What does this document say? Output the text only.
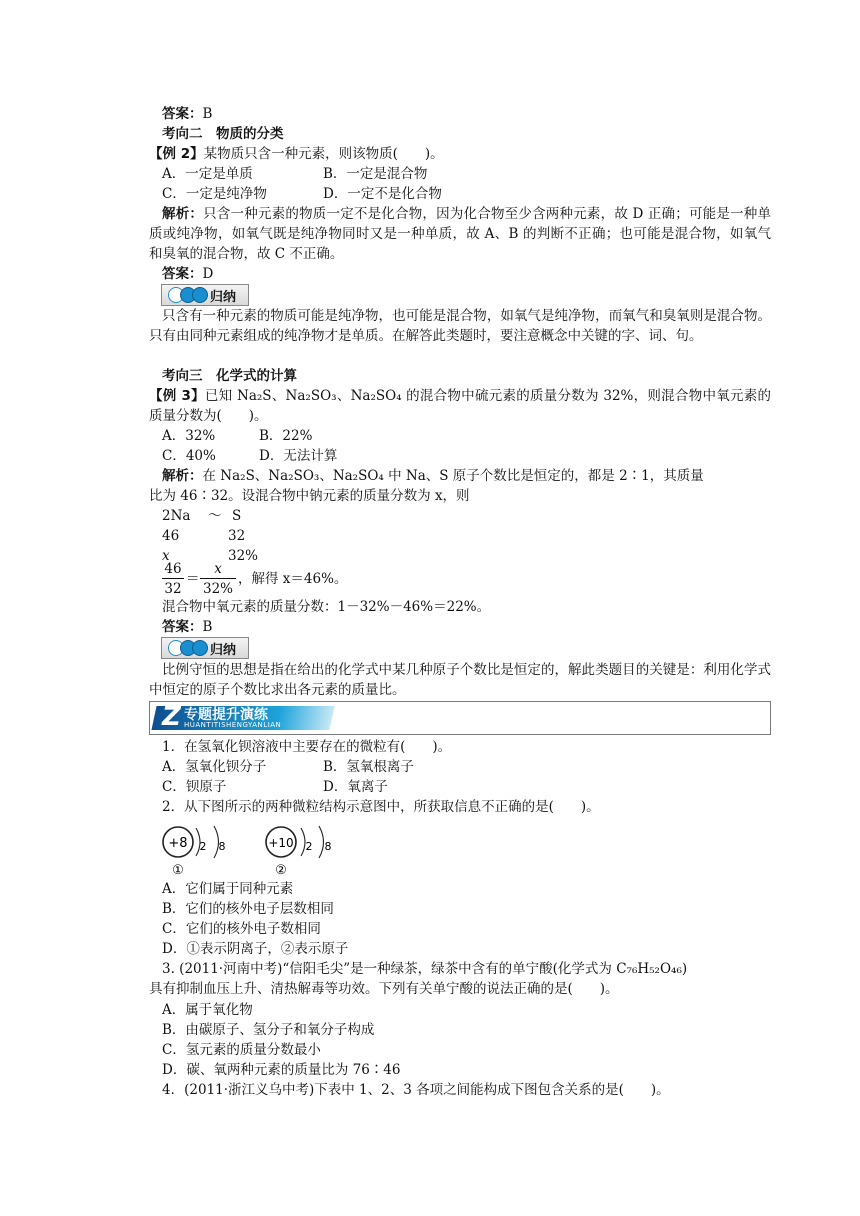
答案：B
考向二　物质的分类
【例 2】某物质只含一种元素，则该物质(　　)。
A．一定是单质	B．一定是混合物
C．一定是纯净物	D．一定不是化合物
解析：只含一种元素的物质一定不是化合物，因为化合物至少含两种元素，故 D 正确；可能是一种单质或纯净物，如氧气既是纯净物同时又是一种单质，故 A、B 的判断不正确；也可能是混合物，如氧气和臭氧的混合物，故 C 不正确。
答案：D
归纳
只含有一种元素的物质可能是纯净物，也可能是混合物，如氧气是纯净物，而氧气和臭氧则是混合物。只有由同种元素组成的纯净物才是单质。在解答此类题时，要注意概念中关键的字、词、句。
考向三　化学式的计算
【例 3】已知 Na₂S、Na₂SO₃、Na₂SO₄ 的混合物中硫元素的质量分数为 32%，则混合物中氧元素的质量分数为(　　)。
A．32%	B．22%
C．40%	D．无法计算
解析：在 Na₂S、Na₂SO₃、Na₂SO₄ 中 Na、S 原子个数比是恒定的，都是 2∶1，其质量
比为 46∶32。设混合物中钠元素的质量分数为 x，则
2Na ～ S
46	32
x	32%
46
32
＝
x
32%
，解得 x＝46%。
混合物中氧元素的质量分数：1－32%－46%＝22%。
答案：B
归纳
比例守恒的思想是指在给出的化学式中某几种原子个数比是恒定的，解此类题目的关键是：利用化学式中恒定的原子个数比求出各元素的质量比。
Z 专题提升演练
HUANTITISHENGYANLIAN
1．在氢氧化钡溶液中主要存在的微粒有(　　)。
A．氢氧化钡分子	B．氢氧根离子
C．钡原子	D．氧离子
2．从下图所示的两种微粒结构示意图中，所获取信息不正确的是(　　)。
+8 2 8
①
+10 2 8
②
A．它们属于同种元素
B．它们的核外电子层数相同
C．它们的核外电子数相同
D．①表示阴离子，②表示原子
3. (2011·河南中考)“信阳毛尖”是一种绿茶，绿茶中含有的单宁酸(化学式为 C₇₆H₅₂O₄₆)
具有抑制血压上升、清热解毒等功效。下列有关单宁酸的说法正确的是(　　)。
A．属于氧化物
B．由碳原子、氢分子和氧分子构成
C．氢元素的质量分数最小
D．碳、氧两种元素的质量比为 76∶46
4．(2011·浙江义乌中考)下表中 1、2、3 各项之间能构成下图包含关系的是(　　)。
